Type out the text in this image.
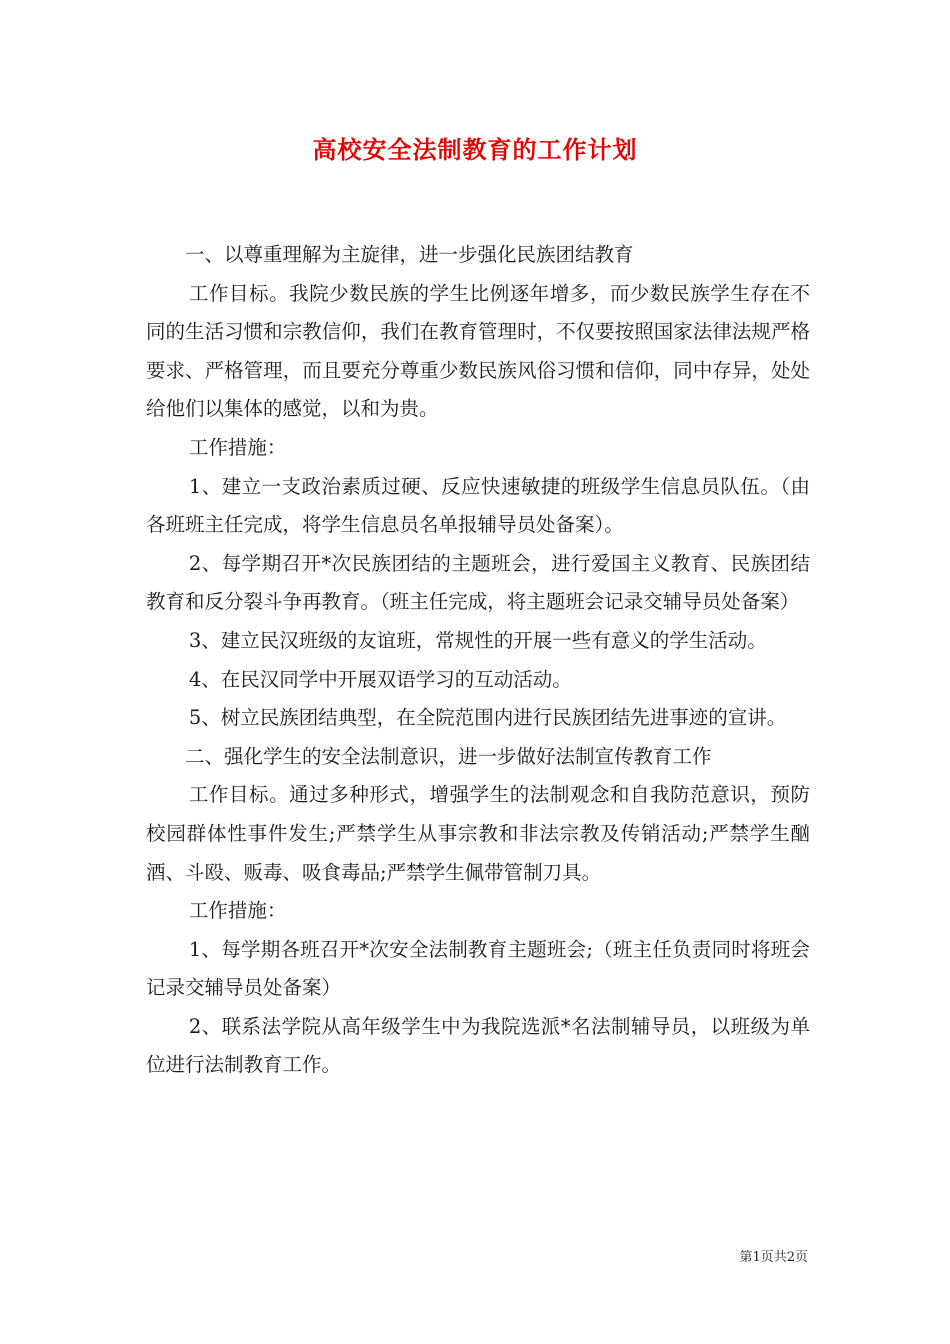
高校安全法制教育的工作计划

一、以尊重理解为主旋律，进一步强化民族团结教育

工作目标。我院少数民族的学生比例逐年增多，而少数民族学生存在不同的生活习惯和宗教信仰，我们在教育管理时，不仅要按照国家法律法规严格要求、严格管理，而且要充分尊重少数民族风俗习惯和信仰，同中存异，处处给他们以集体的感觉，以和为贵。

工作措施：

1、建立一支政治素质过硬、反应快速敏捷的班级学生信息员队伍。（由各班班主任完成，将学生信息员名单报辅导员处备案）。

2、每学期召开*次民族团结的主题班会，进行爱国主义教育、民族团结教育和反分裂斗争再教育。（班主任完成，将主题班会记录交辅导员处备案）

3、建立民汉班级的友谊班，常规性的开展一些有意义的学生活动。

4、在民汉同学中开展双语学习的互动活动。

5、树立民族团结典型，在全院范围内进行民族团结先进事迹的宣讲。

二、强化学生的安全法制意识，进一步做好法制宣传教育工作

工作目标。通过多种形式，增强学生的法制观念和自我防范意识，预防校园群体性事件发生;严禁学生从事宗教和非法宗教及传销活动;严禁学生酗酒、斗殴、贩毒、吸食毒品;严禁学生佩带管制刀具。

工作措施：

1、每学期各班召开*次安全法制教育主题班会;（班主任负责同时将班会记录交辅导员处备案）

2、联系法学院从高年级学生中为我院选派*名法制辅导员，以班级为单位进行法制教育工作。

第1页共2页
